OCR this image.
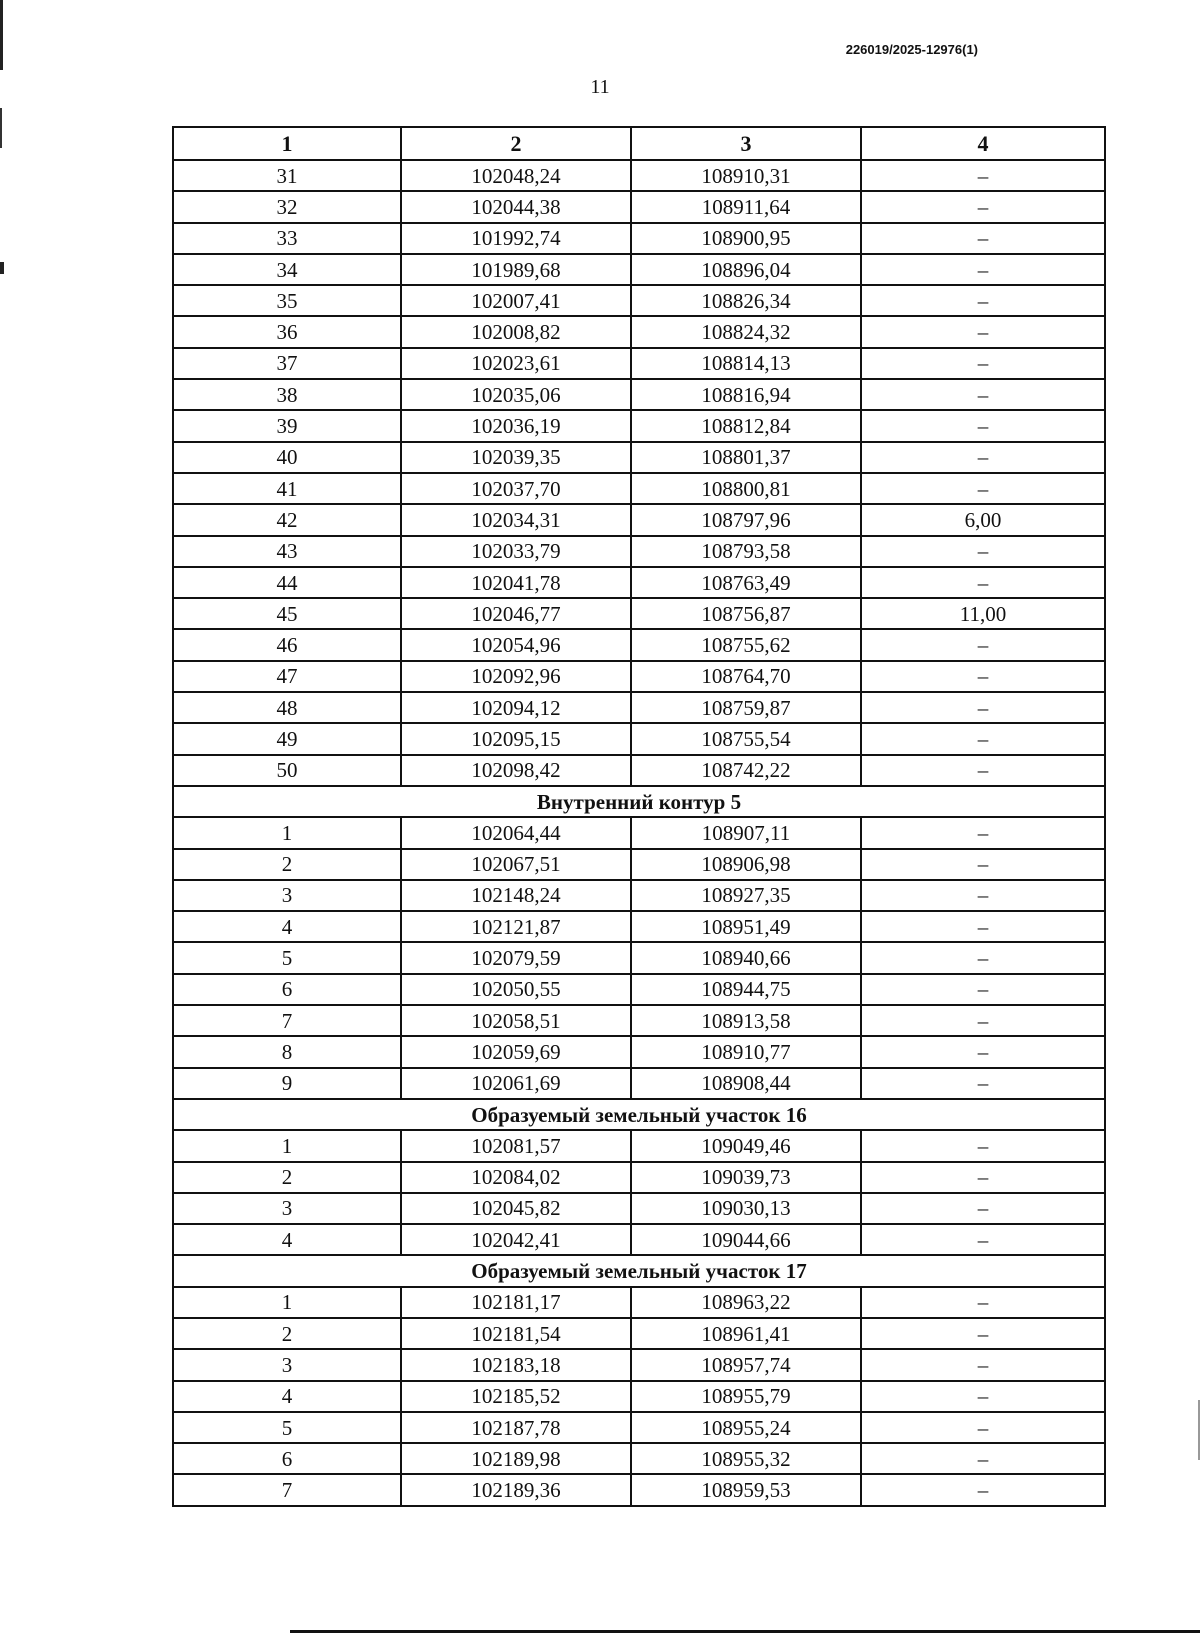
226019/2025-12976(1)
11
1	2	3	4
31	102048,24	108910,31	–
32	102044,38	108911,64	–
33	101992,74	108900,95	–
34	101989,68	108896,04	–
35	102007,41	108826,34	–
36	102008,82	108824,32	–
37	102023,61	108814,13	–
38	102035,06	108816,94	–
39	102036,19	108812,84	–
40	102039,35	108801,37	–
41	102037,70	108800,81	–
42	102034,31	108797,96	6,00
43	102033,79	108793,58	–
44	102041,78	108763,49	–
45	102046,77	108756,87	11,00
46	102054,96	108755,62	–
47	102092,96	108764,70	–
48	102094,12	108759,87	–
49	102095,15	108755,54	–
50	102098,42	108742,22	–
Внутренний контур 5			
1	102064,44	108907,11	–
2	102067,51	108906,98	–
3	102148,24	108927,35	–
4	102121,87	108951,49	–
5	102079,59	108940,66	–
6	102050,55	108944,75	–
7	102058,51	108913,58	–
8	102059,69	108910,77	–
9	102061,69	108908,44	–
Образуемый земельный участок 16			
1	102081,57	109049,46	–
2	102084,02	109039,73	–
3	102045,82	109030,13	–
4	102042,41	109044,66	–
Образуемый земельный участок 17			
1	102181,17	108963,22	–
2	102181,54	108961,41	–
3	102183,18	108957,74	–
4	102185,52	108955,79	–
5	102187,78	108955,24	–
6	102189,98	108955,32	–
7	102189,36	108959,53	–
